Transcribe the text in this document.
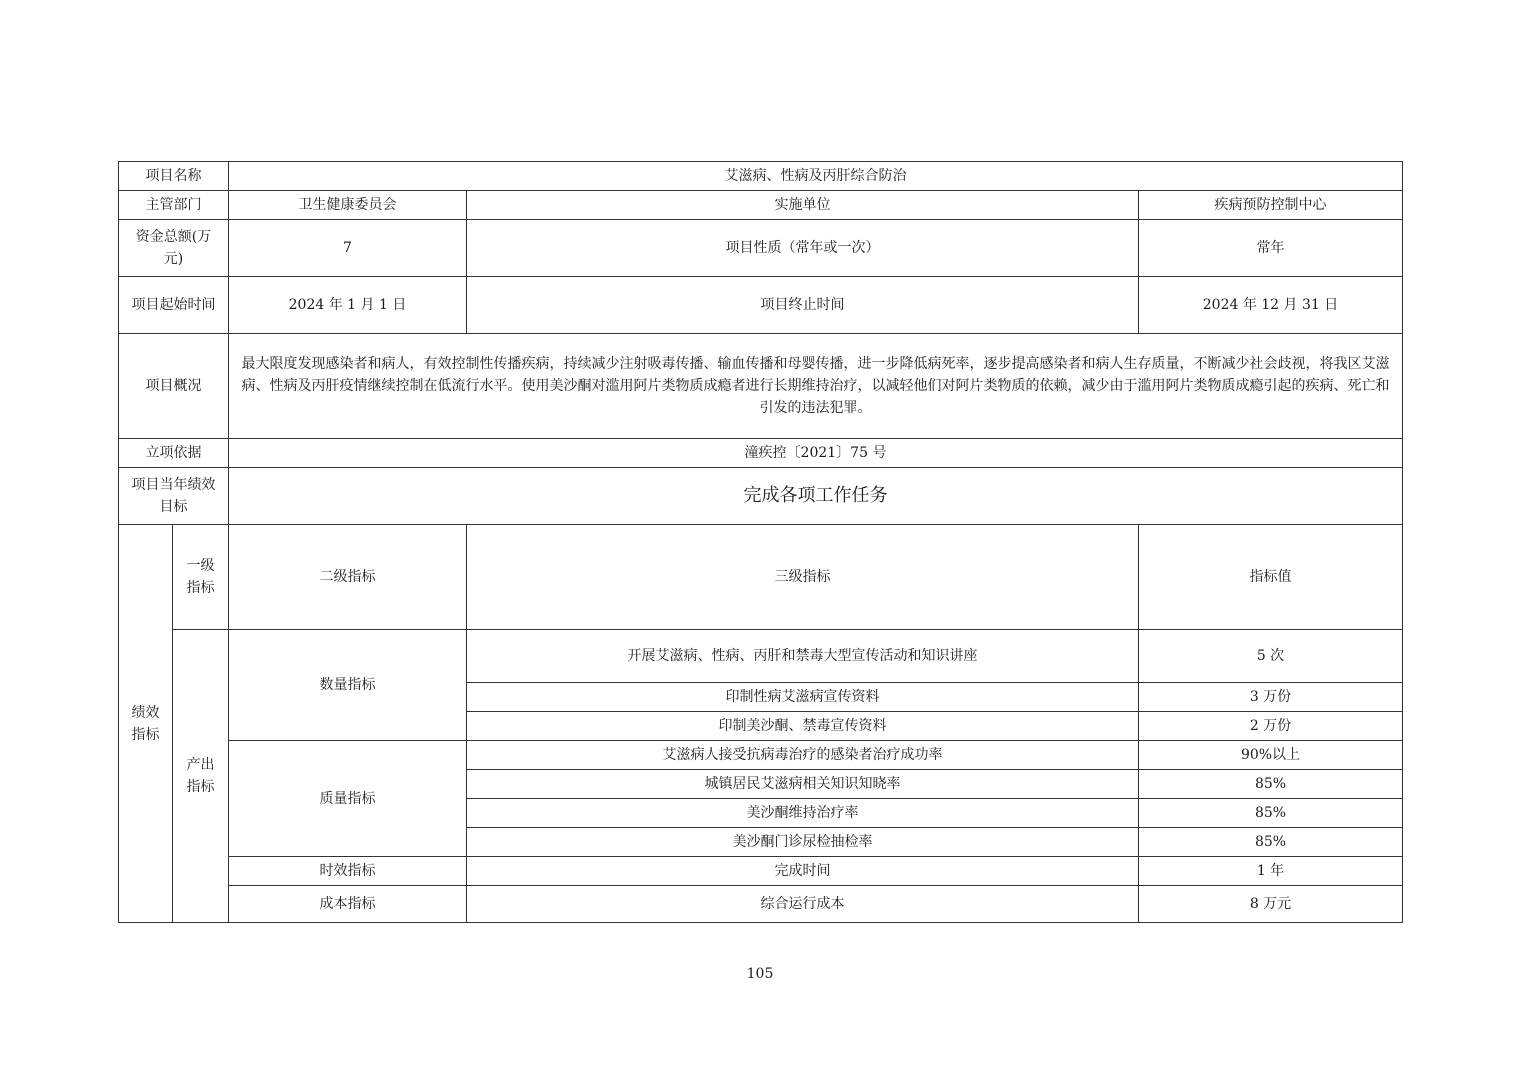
项目名称		艾滋病、性病及丙肝综合防治		
主管部门		卫生健康委员会	实施单位	疾病预防控制中心
资金总额(万元)		7	项目性质（常年或一次）	常年
项目起始时间		2024 年 1 月 1 日	项目终止时间	2024 年 12 月 31 日
项目概况		最大限度发现感染者和病人，有效控制性传播疾病，持续减少注射吸毒传播、输血传播和母婴传播，进一步降低病死率，逐步提高感染者和病人生存质量，不断减少社会歧视，将我区艾滋病、性病及丙肝疫情继续控制在低流行水平。使用美沙酮对滥用阿片类物质成瘾者进行长期维持治疗，以减轻他们对阿片类物质的依赖，减少由于滥用阿片类物质成瘾引起的疾病、死亡和引发的违法犯罪。		
立项依据		潼疾控〔2021〕75 号		
项目当年绩效目标		完成各项工作任务		
绩效指标	一级指标	二级指标	三级指标	指标值
	产出指标	数量指标	开展艾滋病、性病、丙肝和禁毒大型宣传活动和知识讲座	5 次
			印制性病艾滋病宣传资料	3 万份
			印制美沙酮、禁毒宣传资料	2 万份
		质量指标	艾滋病人接受抗病毒治疗的感染者治疗成功率	90%以上
			城镇居民艾滋病相关知识知晓率	85%
			美沙酮维持治疗率	85%
			美沙酮门诊尿检抽检率	85%
		时效指标	完成时间	1 年
		成本指标	综合运行成本	8 万元
105
